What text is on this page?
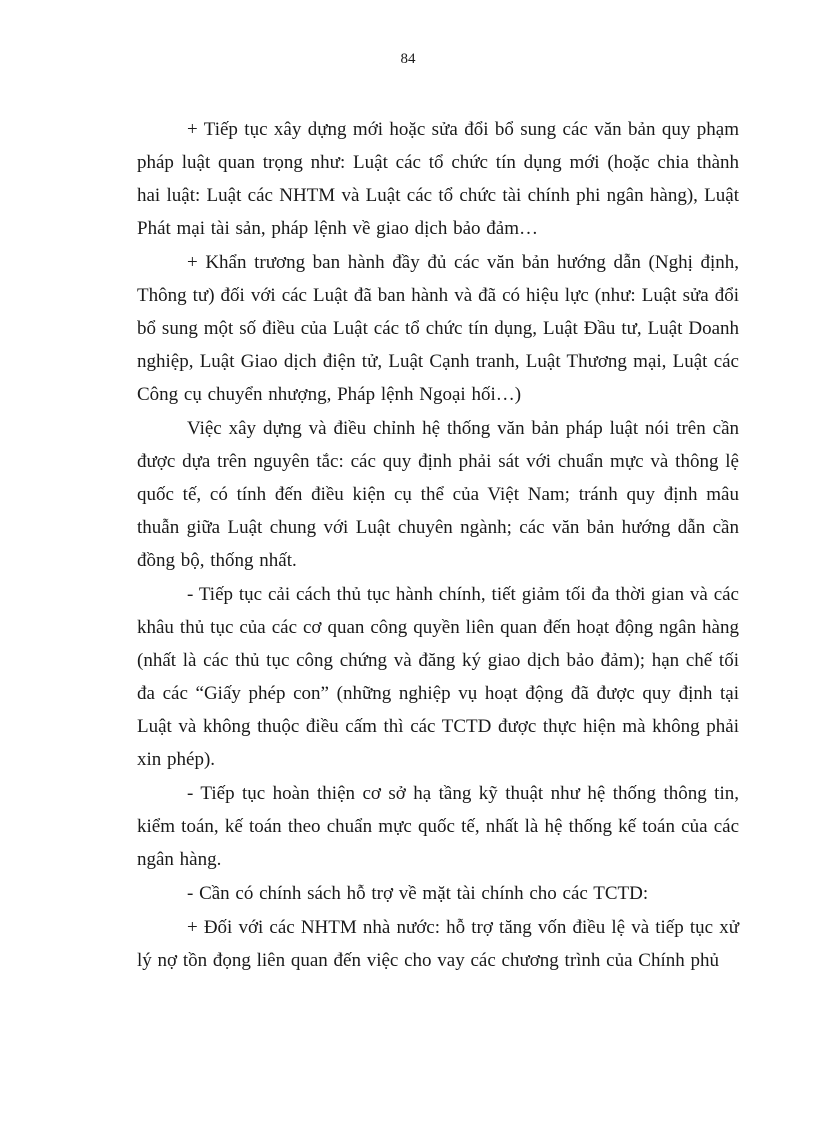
84

+ Tiếp tục xây dựng mới hoặc sửa đổi bổ sung các văn bản quy phạm pháp luật quan trọng như: Luật các tổ chức tín dụng mới (hoặc chia thành hai luật: Luật các NHTM và Luật các tổ chức tài chính phi ngân hàng), Luật Phát mại tài sản, pháp lệnh về giao dịch bảo đảm…

+ Khẩn trương ban hành đầy đủ các văn bản hướng dẫn (Nghị định, Thông tư) đối với các Luật đã ban hành và đã có hiệu lực (như: Luật sửa đổi bổ sung một số điều của Luật các tổ chức tín dụng, Luật Đầu tư, Luật Doanh nghiệp, Luật Giao dịch điện tử, Luật Cạnh tranh, Luật Thương mại, Luật các Công cụ chuyển nhượng, Pháp lệnh Ngoại hối…)

Việc xây dựng và điều chỉnh hệ thống văn bản pháp luật nói trên cần được dựa trên nguyên tắc: các quy định phải sát với chuẩn mực và thông lệ quốc tế, có tính đến điều kiện cụ thể của Việt Nam; tránh quy định mâu thuẫn giữa Luật chung với Luật chuyên ngành; các văn bản hướng dẫn cần đồng bộ, thống nhất.

- Tiếp tục cải cách thủ tục hành chính, tiết giảm tối đa thời gian và các khâu thủ tục của các cơ quan công quyền liên quan đến hoạt động ngân hàng (nhất là các thủ tục công chứng và đăng ký giao dịch bảo đảm); hạn chế tối đa các “Giấy phép con” (những nghiệp vụ hoạt động đã được quy định tại Luật và không thuộc điều cấm thì các TCTD được thực hiện mà không phải xin phép).

- Tiếp tục hoàn thiện cơ sở hạ tầng kỹ thuật như hệ thống thông tin, kiểm toán, kế toán theo chuẩn mực quốc tế, nhất là hệ thống kế toán của các ngân hàng.

- Cần có chính sách hỗ trợ về mặt tài chính cho các TCTD:

+ Đối với các NHTM nhà nước: hỗ trợ tăng vốn điều lệ và tiếp tục xử lý nợ tồn đọng liên quan đến việc cho vay các chương trình của Chính phủ
